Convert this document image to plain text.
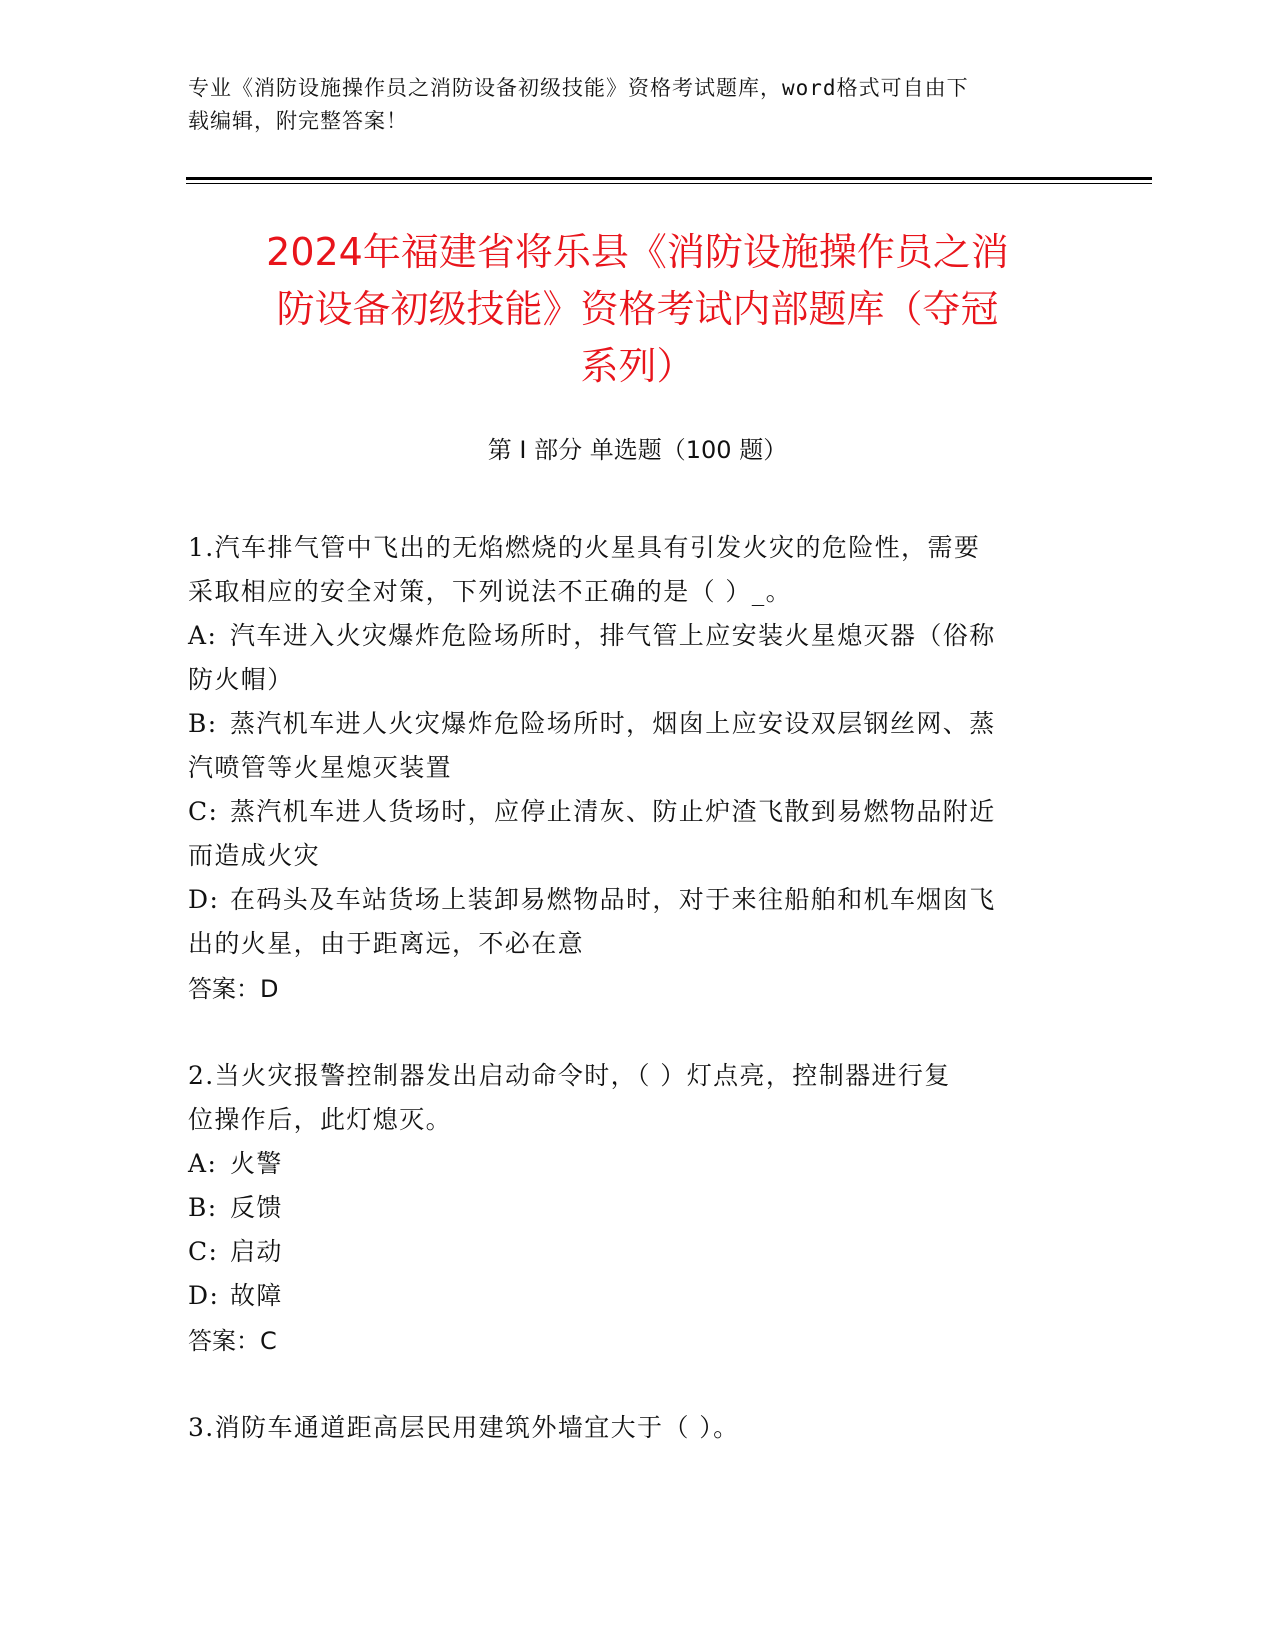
专业《消防设施操作员之消防设备初级技能》资格考试题库，word格式可自由下
载编辑，附完整答案！
2024年福建省将乐县《消防设施操作员之消
防设备初级技能》资格考试内部题库（夺冠
系列）
第 I 部分 单选题（100 题）

1.汽车排气管中飞出的无焰燃烧的火星具有引发火灾的危险性，需要

采取相应的安全对策，下列说法不正确的是（ ）_。

A: 汽车进入火灾爆炸危险场所时，排气管上应安装火星熄灭器（俗称

防火帽）

B: 蒸汽机车进人火灾爆炸危险场所时，烟囱上应安设双层钢丝网、蒸

汽喷管等火星熄灭装置

C: 蒸汽机车进人货场时，应停止清灰、防止炉渣飞散到易燃物品附近

而造成火灾

D: 在码头及车站货场上装卸易燃物品时，对于来往船舶和机车烟囱飞

出的火星，由于距离远，不必在意

答案：D

2.当火灾报警控制器发出启动命令时，（ ）灯点亮，控制器进行复

位操作后，此灯熄灭。

A: 火警

B: 反馈

C: 启动

D: 故障

答案：C

3.消防车通道距高层民用建筑外墙宜大于（ ）。
